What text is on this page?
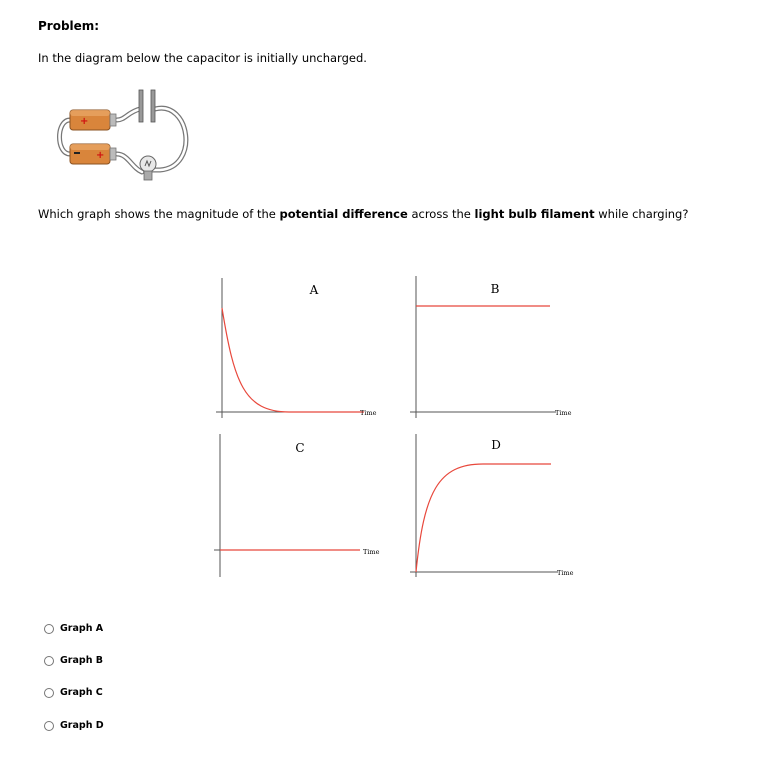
Problem:
In the diagram below the capacitor is initially uncharged.
+
+
Which graph shows the magnitude of the potential difference across the light bulb filament while charging?
A
Time
B
Time
C
Time
D
Time
Graph A
Graph B
Graph C
Graph D
